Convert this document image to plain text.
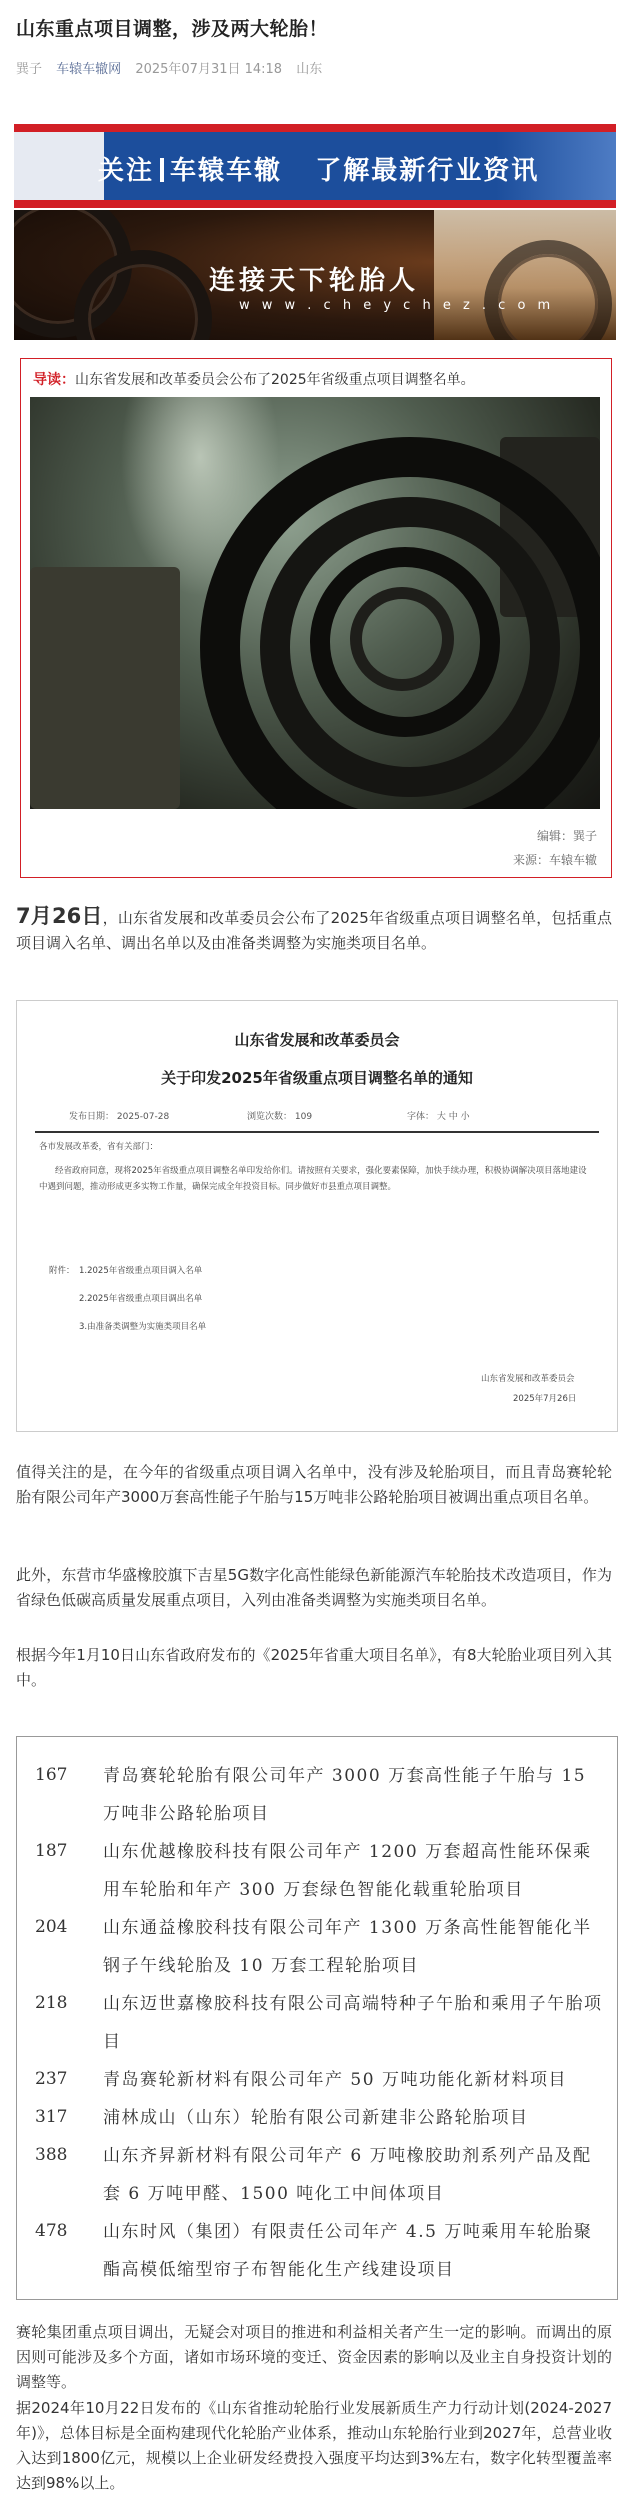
山东重点项目调整，涉及两大轮胎！
巽子 车辕车辙网 2025年07月31日 14:18 山东
关注 车辕车辙 了解最新行业资讯
连接天下轮胎人
w w w . c h e y c h e z . c o m
导读：山东省发展和改革委员会公布了2025年省级重点项目调整名单。
编辑：巽子
来源：车辕车辙
7月26日，山东省发展和改革委员会公布了2025年省级重点项目调整名单，包括重点项目调入名单、调出名单以及由准备类调整为实施类项目名单。
山东省发展和改革委员会
关于印发2025年省级重点项目调整名单的通知
发布日期： 2025-07-28	浏览次数： 109	字体： 大 中 小
各市发展改革委，省有关部门：
经省政府同意，现将2025年省级重点项目调整名单印发给你们。请按照有关要求，强化要素保障，加快手续办理，积极协调解决项目落地建设中遇到问题，推动形成更多实物工作量，确保完成全年投资目标。同步做好市县重点项目调整。
附件： 1.2025年省级重点项目调入名单
2.2025年省级重点项目调出名单
3.由准备类调整为实施类项目名单
山东省发展和改革委员会
2025年7月26日
值得关注的是，在今年的省级重点项目调入名单中，没有涉及轮胎项目，而且青岛赛轮轮胎有限公司年产3000万套高性能子午胎与15万吨非公路轮胎项目被调出重点项目名单。
此外，东营市华盛橡胶旗下吉星5G数字化高性能绿色新能源汽车轮胎技术改造项目，作为省绿色低碳高质量发展重点项目，入列由准备类调整为实施类项目名单。
根据今年1月10日山东省政府发布的《2025年省重大项目名单》，有8大轮胎业项目列入其中。
167 青岛赛轮轮胎有限公司年产 3000 万套高性能子午胎与 15 万吨非公路轮胎项目
187 山东优越橡胶科技有限公司年产 1200 万套超高性能环保乘用车轮胎和年产 300 万套绿色智能化载重轮胎项目
204 山东通益橡胶科技有限公司年产 1300 万条高性能智能化半钢子午线轮胎及 10 万套工程轮胎项目
218 山东迈世嘉橡胶科技有限公司高端特种子午胎和乘用子午胎项目
237 青岛赛轮新材料有限公司年产 50 万吨功能化新材料项目
317 浦林成山（山东）轮胎有限公司新建非公路轮胎项目
388 山东齐昇新材料有限公司年产 6 万吨橡胶助剂系列产品及配套 6 万吨甲醛、1500 吨化工中间体项目
478 山东时风（集团）有限责任公司年产 4.5 万吨乘用车轮胎聚酯高模低缩型帘子布智能化生产线建设项目
赛轮集团重点项目调出，无疑会对项目的推进和利益相关者产生一定的影响。而调出的原因则可能涉及多个方面，诸如市场环境的变迁、资金因素的影响以及业主自身投资计划的调整等。
据2024年10月22日发布的《山东省推动轮胎行业发展新质生产力行动计划(2024-2027年)》，总体目标是全面构建现代化轮胎产业体系，推动山东轮胎行业到2027年，总营业收入达到1800亿元，规模以上企业研发经费投入强度平均达到3%左右，数字化转型覆盖率达到98%以上。
